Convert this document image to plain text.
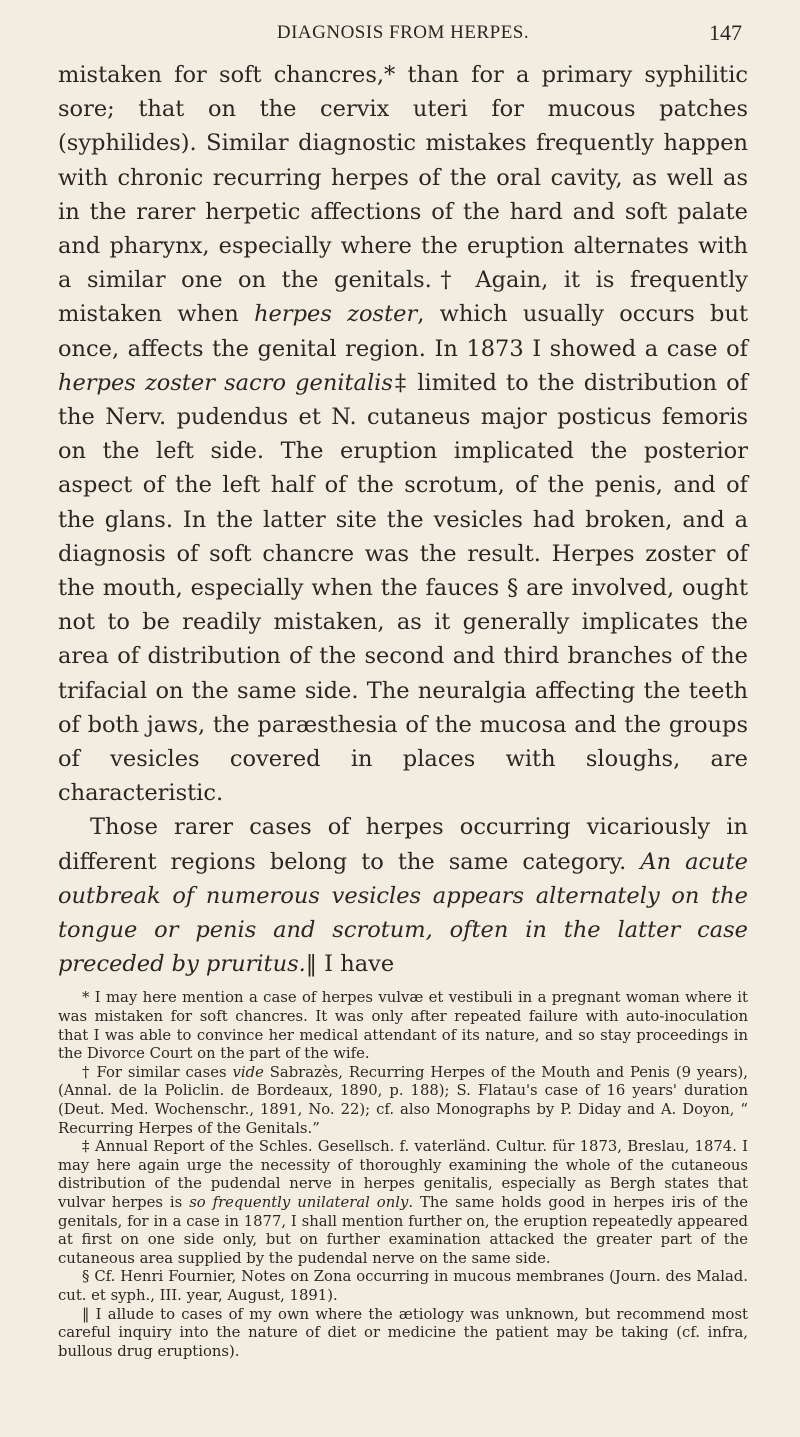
DIAGNOSIS FROM HERPES.	147

mistaken for soft chancres,* than for a primary syphilitic sore; that on the cervix uteri for mucous patches (syphilides). Similar diagnostic mistakes frequently happen with chronic recurring herpes of the oral cavity, as well as in the rarer herpetic affections of the hard and soft palate and pharynx, especially where the eruption alternates with a similar one on the genitals.† Again, it is frequently mistaken when herpes zoster, which usually occurs but once, affects the genital region. In 1873 I showed a case of herpes zoster sacro genitalis‡ limited to the distribution of the Nerv. pudendus et N. cutaneus major posticus femoris on the left side. The eruption implicated the posterior aspect of the left half of the scrotum, of the penis, and of the glans. In the latter site the vesicles had broken, and a diagnosis of soft chancre was the result. Herpes zoster of the mouth, especially when the fauces § are involved, ought not to be readily mistaken, as it generally implicates the area of distribution of the second and third branches of the trifacial on the same side. The neuralgia affecting the teeth of both jaws, the paræsthesia of the mucosa and the groups of vesicles covered in places with sloughs, are characteristic.

Those rarer cases of herpes occurring vicariously in different regions belong to the same category. An acute outbreak of numerous vesicles appears alternately on the tongue or penis and scrotum, often in the latter case preceded by pruritus.‖ I have

* I may here mention a case of herpes vulvæ et vestibuli in a pregnant woman where it was mistaken for soft chancres. It was only after repeated failure with auto-inoculation that I was able to convince her medical attendant of its nature, and so stay proceedings in the Divorce Court on the part of the wife.

† For similar cases vide Sabrazès, Recurring Herpes of the Mouth and Penis (9 years), (Annal. de la Policlin. de Bordeaux, 1890, p. 188); S. Flatau's case of 16 years' duration (Deut. Med. Wochenschr., 1891, No. 22); cf. also Monographs by P. Diday and A. Doyon, “ Recurring Herpes of the Genitals.”

‡ Annual Report of the Schles. Gesellsch. f. vaterländ. Cultur. für 1873, Breslau, 1874. I may here again urge the necessity of thoroughly examining the whole of the cutaneous distribution of the pudendal nerve in herpes genitalis, especially as Bergh states that vulvar herpes is so frequently unilateral only. The same holds good in herpes iris of the genitals, for in a case in 1877, I shall mention further on, the eruption repeatedly appeared at first on one side only, but on further examination attacked the greater part of the cutaneous area supplied by the pudendal nerve on the same side.

§ Cf. Henri Fournier, Notes on Zona occurring in mucous membranes (Journ. des Malad. cut. et syph., III. year, August, 1891).

‖ I allude to cases of my own where the ætiology was unknown, but recommend most careful inquiry into the nature of diet or medicine the patient may be taking (cf. infra, bullous drug eruptions).
